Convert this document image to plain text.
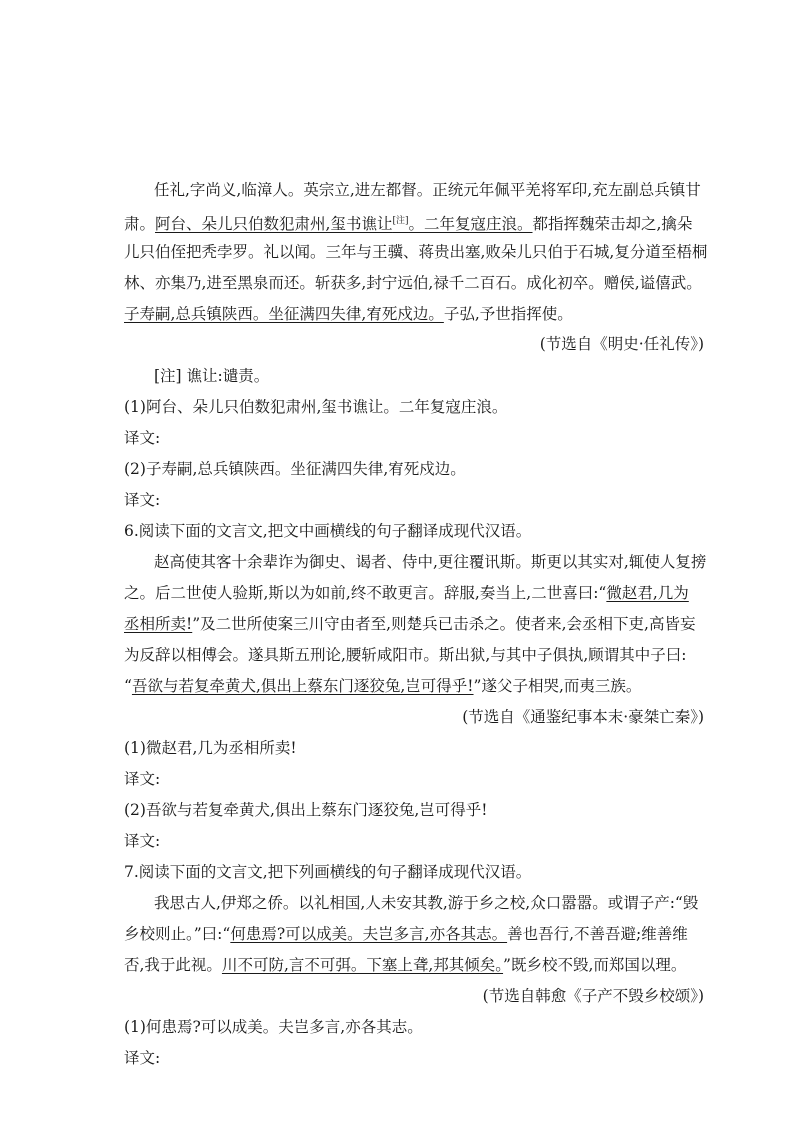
任礼,字尚义,临漳人。英宗立,进左都督。正统元年佩平羌将军印,充左副总兵镇甘
肃。阿台、朵儿只伯数犯肃州,玺书谯让[注]。二年复寇庄浪。都指挥魏荣击却之,擒朵
儿只伯侄把秃孛罗。礼以闻。三年与王骥、蒋贵出塞,败朵儿只伯于石城,复分道至梧桐
林、亦集乃,进至黑泉而还。斩获多,封宁远伯,禄千二百石。成化初卒。赠侯,谥僖武。
子寿嗣,总兵镇陕西。坐征满四失律,宥死戍边。子弘,予世指挥使。
(节选自《明史·任礼传》)
[注] 谯让:谴责。
(1)阿台、朵儿只伯数犯肃州,玺书谯让。二年复寇庄浪。
译文:
(2)子寿嗣,总兵镇陕西。坐征满四失律,宥死戍边。
译文:
6.阅读下面的文言文,把文中画横线的句子翻译成现代汉语。
赵高使其客十余辈诈为御史、谒者、侍中,更往覆讯斯。斯更以其实对,辄使人复搒
之。后二世使人验斯,斯以为如前,终不敢更言。辞服,奏当上,二世喜曰:“微赵君,几为
丞相所卖!”及二世所使案三川守由者至,则楚兵已击杀之。使者来,会丞相下吏,高皆妄
为反辞以相傅会。遂具斯五刑论,腰斩咸阳市。斯出狱,与其中子俱执,顾谓其中子曰:
“吾欲与若复牵黄犬,俱出上蔡东门逐狡兔,岂可得乎!”遂父子相哭,而夷三族。
(节选自《通鉴纪事本末·豪桀亡秦》)
(1)微赵君,几为丞相所卖!
译文:
(2)吾欲与若复牵黄犬,俱出上蔡东门逐狡兔,岂可得乎!
译文:
7.阅读下面的文言文,把下列画横线的句子翻译成现代汉语。
我思古人,伊郑之侨。以礼相国,人未安其教,游于乡之校,众口嚣嚣。或谓子产:“毁
乡校则止。”曰:“何患焉?可以成美。夫岂多言,亦各其志。善也吾行,不善吾避;维善维
否,我于此视。川不可防,言不可弭。下塞上聋,邦其倾矣。”既乡校不毁,而郑国以理。
(节选自韩愈《子产不毁乡校颂》)
(1)何患焉?可以成美。夫岂多言,亦各其志。
译文:
